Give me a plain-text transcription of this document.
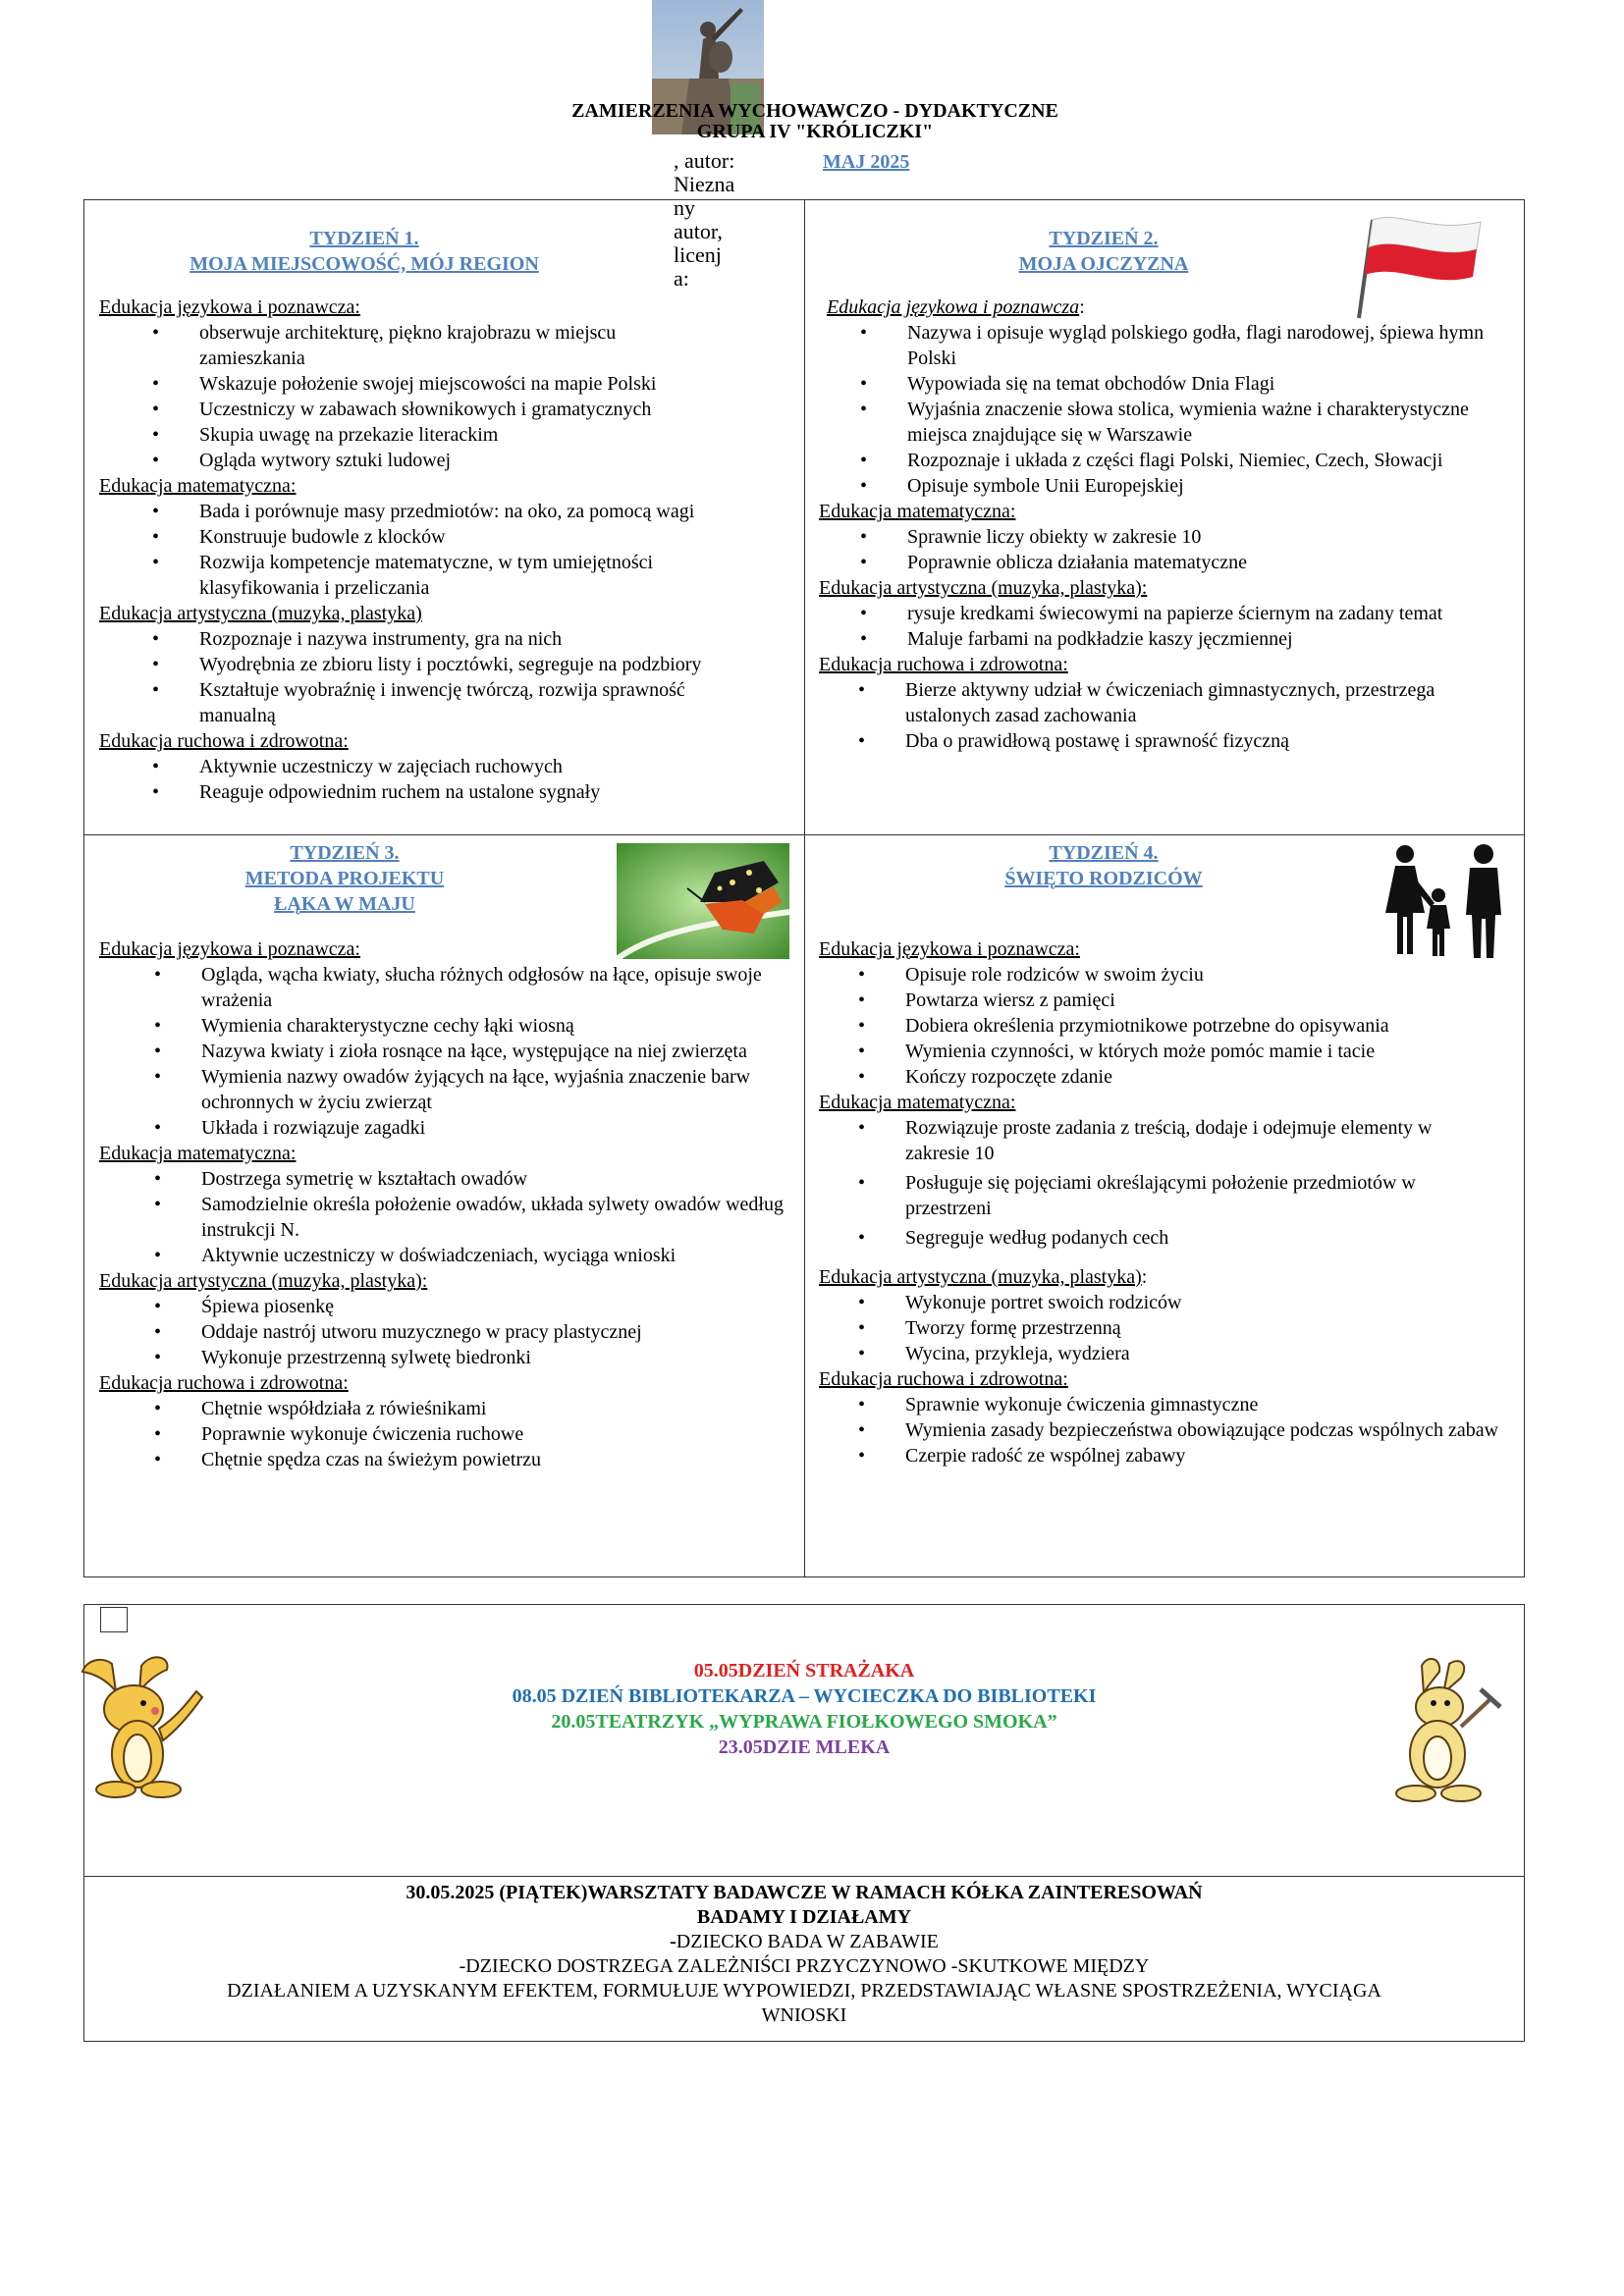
ZAMIERZENIA WYCHOWAWCZO - DYDAKTYCZNE
GRUPA IV "KRÓLICZKI"
MAJ 2025
, autor:
Niezna
ny
autor,
licenj
a:
TYDZIEŃ 1.
MOJA MIEJSCOWOŚĆ, MÓJ REGION
Edukacja językowa i poznawcza:
• obserwuje architekturę, piękno krajobrazu w miejscu zamieszkania
• Wskazuje położenie swojej miejscowości na mapie Polski
• Uczestniczy w zabawach słownikowych i gramatycznych
• Skupia uwagę na przekazie literackim
• Ogląda wytwory sztuki ludowej
Edukacja matematyczna:
• Bada i porównuje masy przedmiotów: na oko, za pomocą wagi
• Konstruuje budowle z klocków
• Rozwija kompetencje matematyczne, w tym umiejętności klasyfikowania i przeliczania
Edukacja artystyczna (muzyka, plastyka)
• Rozpoznaje i nazywa instrumenty, gra na nich
• Wyodrębnia ze zbioru listy i pocztówki, segreguje na podzbiory
• Kształtuje wyobraźnię i inwencję twórczą, rozwija sprawność manualną
Edukacja ruchowa i zdrowotna:
• Aktywnie uczestniczy w zajęciach ruchowych
• Reaguje odpowiednim ruchem na ustalone sygnały
TYDZIEŃ 2.
MOJA OJCZYZNA
Edukacja językowa i poznawcza:
• Nazywa i opisuje wygląd polskiego godła, flagi narodowej, śpiewa hymn Polski
• Wypowiada się na temat obchodów Dnia Flagi
• Wyjaśnia znaczenie słowa stolica, wymienia ważne i charakterystyczne miejsca znajdujące się w Warszawie
• Rozpoznaje i układa z części flagi Polski, Niemiec, Czech, Słowacji
• Opisuje symbole Unii Europejskiej
Edukacja matematyczna:
• Sprawnie liczy obiekty w zakresie 10
• Poprawnie oblicza działania matematyczne
Edukacja artystyczna (muzyka, plastyka):
• rysuje kredkami świecowymi na papierze ściernym na zadany temat
• Maluje farbami na podkładzie kaszy jęczmiennej
Edukacja ruchowa i zdrowotna:
• Bierze aktywny udział w ćwiczeniach gimnastycznych, przestrzega ustalonych zasad zachowania
• Dba o prawidłową postawę i sprawność fizyczną
TYDZIEŃ 3.
METODA PROJEKTU
ŁĄKA W MAJU
Edukacja językowa i poznawcza:
• Ogląda, wącha kwiaty, słucha różnych odgłosów na łące, opisuje swoje wrażenia
• Wymienia charakterystyczne cechy łąki wiosną
• Nazywa kwiaty i zioła rosnące na łące, występujące na niej zwierzęta
• Wymienia nazwy owadów żyjących na łące, wyjaśnia znaczenie barw ochronnych w życiu zwierząt
• Układa i rozwiązuje zagadki
Edukacja matematyczna:
• Dostrzega symetrię w kształtach owadów
• Samodzielnie określa położenie owadów, układa sylwety owadów według instrukcji N.
• Aktywnie uczestniczy w doświadczeniach, wyciąga wnioski
Edukacja artystyczna (muzyka, plastyka):
• Śpiewa piosenkę
• Oddaje nastrój utworu muzycznego w pracy plastycznej
• Wykonuje przestrzenną sylwetę biedronki
Edukacja ruchowa i zdrowotna:
• Chętnie współdziała z rówieśnikami
• Poprawnie wykonuje ćwiczenia ruchowe
• Chętnie spędza czas na świeżym powietrzu
TYDZIEŃ 4.
ŚWIĘTO RODZICÓW
Edukacja językowa i poznawcza:
• Opisuje role rodziców w swoim życiu
• Powtarza wiersz z pamięci
• Dobiera określenia przymiotnikowe potrzebne do opisywania
• Wymienia czynności, w których może pomóc mamie i tacie
• Kończy rozpoczęte zdanie
Edukacja matematyczna:
• Rozwiązuje proste zadania z treścią, dodaje i odejmuje elementy w zakresie 10
• Posługuje się pojęciami określającymi położenie przedmiotów w przestrzeni
• Segreguje według podanych cech
Edukacja artystyczna (muzyka, plastyka):
• Wykonuje portret swoich rodziców
• Tworzy formę przestrzenną
• Wycina, przykleja, wydziera
Edukacja ruchowa i zdrowotna:
• Sprawnie wykonuje ćwiczenia gimnastyczne
• Wymienia zasady bezpieczeństwa obowiązujące podczas wspólnych zabaw
• Czerpie radość ze wspólnej zabawy
05.05DZIEŃ STRAŻAKA
08.05 DZIEŃ BIBLIOTEKARZA – WYCIECZKA DO BIBLIOTEKI
20.05TEATRZYK „WYPRAWA FIOŁKOWEGO SMOKA”
23.05DZIE MLEKA
30.05.2025 (PIĄTEK)WARSZTATY BADAWCZE W RAMACH KÓŁKA ZAINTERESOWAŃ
BADAMY I DZIAŁAMY
-DZIECKO BADA W ZABAWIE
-DZIECKO DOSTRZEGA ZALEŻNIŚCI PRZYCZYNOWO -SKUTKOWE MIĘDZY
DZIAŁANIEM A UZYSKANYM EFEKTEM, FORMUŁUJE WYPOWIEDZI, PRZEDSTAWIAJĄC WŁASNE SPOSTRZEŻENIA, WYCIĄGA
WNIOSKI
